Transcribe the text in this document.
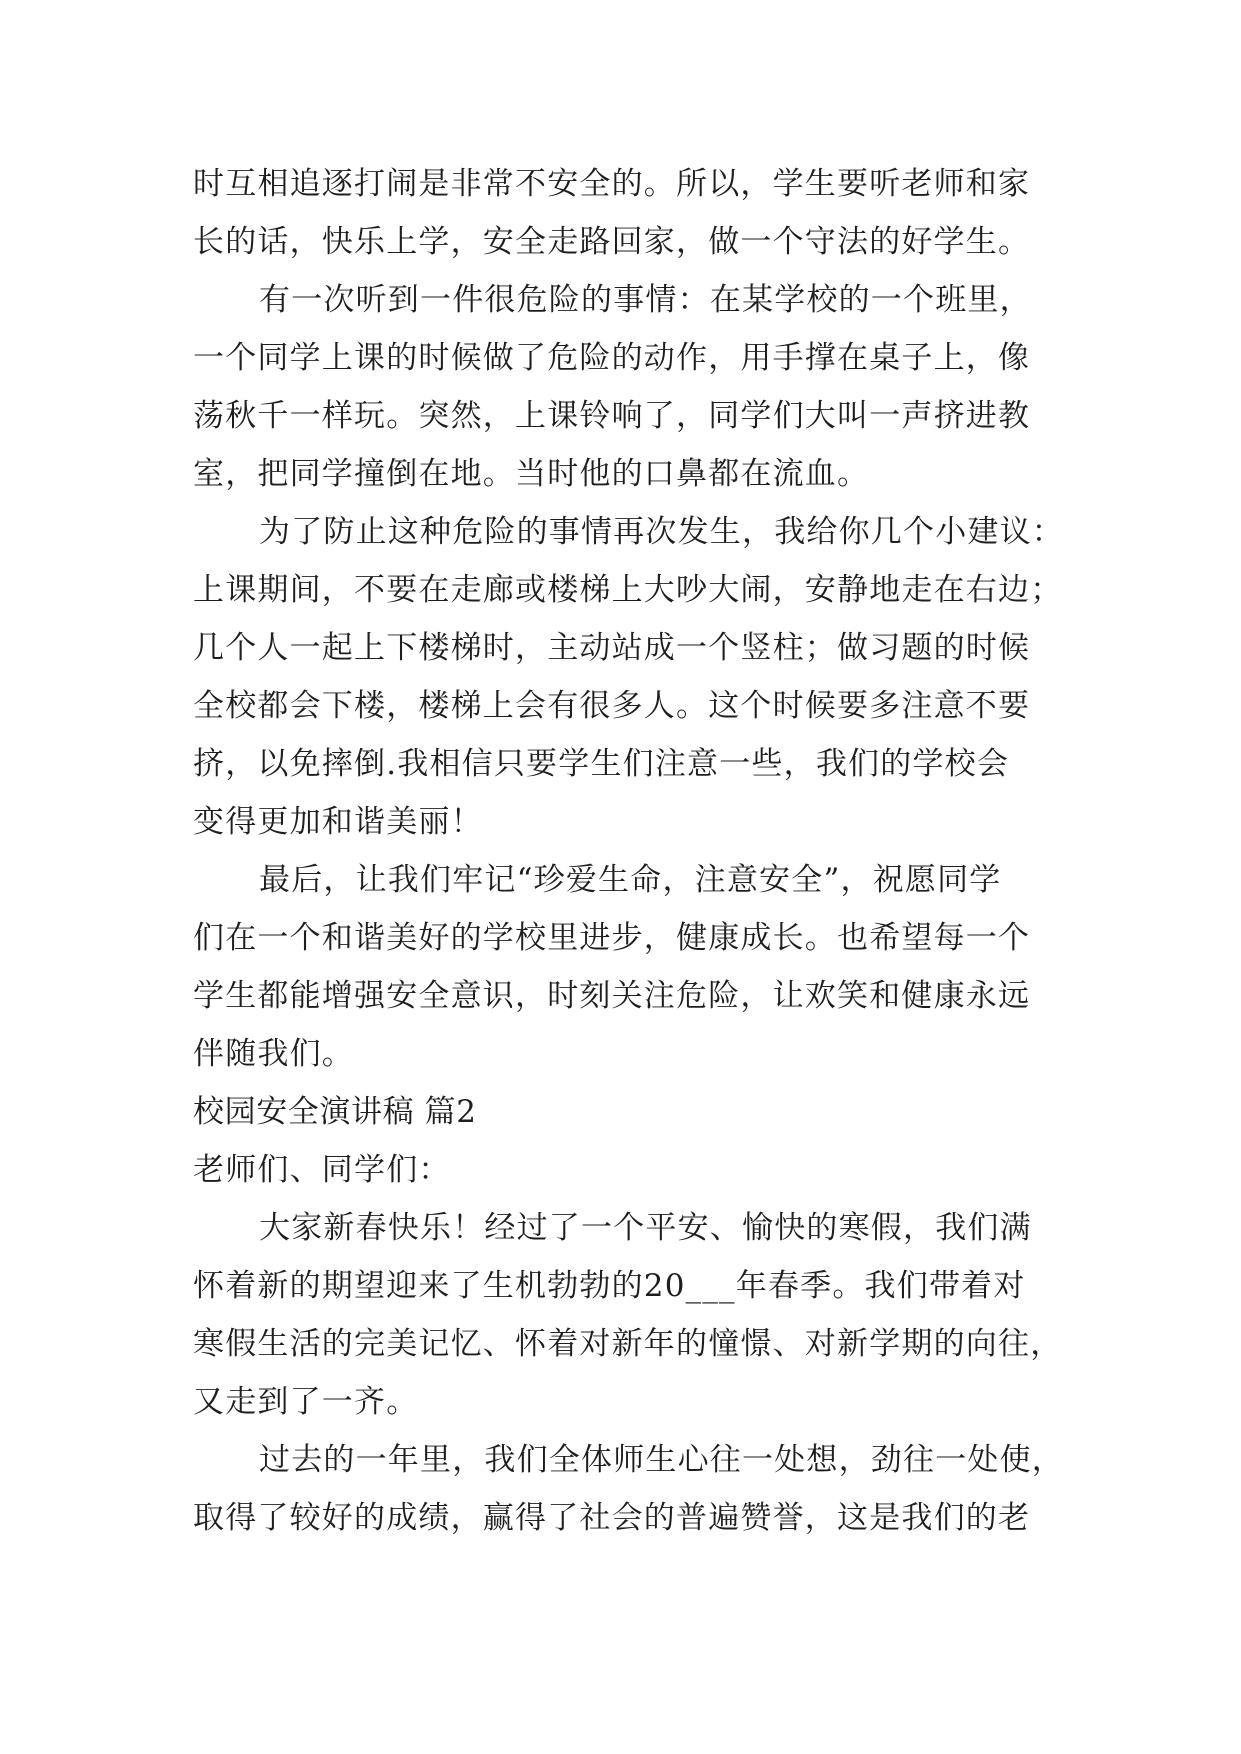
时互相追逐打闹是非常不安全的。所以，学生要听老师和家
长的话，快乐上学，安全走路回家，做一个守法的好学生。
有一次听到一件很危险的事情：在某学校的一个班里，
一个同学上课的时候做了危险的动作，用手撑在桌子上，像
荡秋千一样玩。突然，上课铃响了，同学们大叫一声挤进教
室，把同学撞倒在地。当时他的口鼻都在流血。
为了防止这种危险的事情再次发生，我给你几个小建议：
上课期间，不要在走廊或楼梯上大吵大闹，安静地走在右边；
几个人一起上下楼梯时，主动站成一个竖柱；做习题的时候
全校都会下楼，楼梯上会有很多人。这个时候要多注意不要
挤，以免摔倒.我相信只要学生们注意一些，我们的学校会
变得更加和谐美丽！
最后，让我们牢记“珍爱生命，注意安全”，祝愿同学
们在一个和谐美好的学校里进步，健康成长。也希望每一个
学生都能增强安全意识，时刻关注危险，让欢笑和健康永远
伴随我们。
校园安全演讲稿 篇2
老师们、同学们：
大家新春快乐！经过了一个平安、愉快的寒假，我们满
怀着新的期望迎来了生机勃勃的20___年春季。我们带着对
寒假生活的完美记忆、怀着对新年的憧憬、对新学期的向往，
又走到了一齐。
过去的一年里，我们全体师生心往一处想，劲往一处使，
取得了较好的成绩，赢得了社会的普遍赞誉，这是我们的老
